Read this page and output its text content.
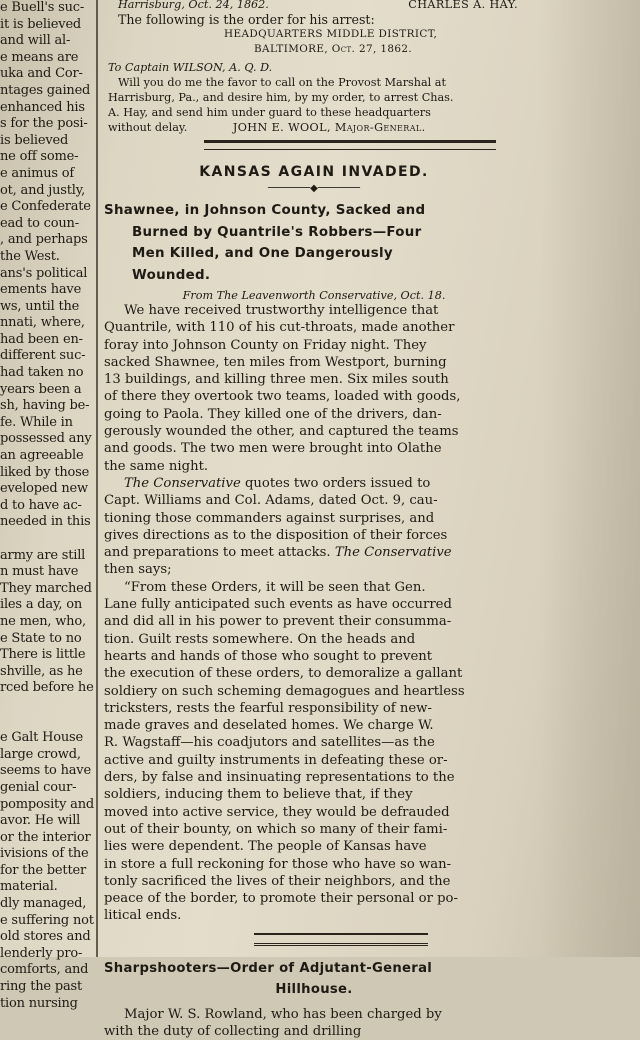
e Buell's suc-
it is believed
and will al-
e means are
uka and Cor-
ntages gained
enhanced his
s for the posi-
is believed
ne off some-
e animus of
ot, and justly,
e Confederate
ead to coun-
, and perhaps
the West.
ans's political
ements have
ws, until the
nnati, where,
had been en-
different suc-
had taken no
years been a
sh, having be-
fe. While in
possessed any
an agreeable
liked by those
eveloped new
d to have ac-
needed in this
army are still
n must have
They marched
iles a day, on
ne men, who,
e State to no
There is little
shville, as he
rced before he
e Galt House
large crowd,
seems to have
genial cour-
pomposity and
avor. He will
or the interior
ivisions of the
for the better
material.
dly managed,
e suffering not
old stores and
lenderly pro-
comforts, and
ring the past
tion nursing
Harrisburg, Oct. 24, 1862.	CHARLES A. HAY.
The following is the order for his arrest:
HEADQUARTERS MIDDLE DISTRICT,
BALTIMORE, Oct. 27, 1862.
To Captain WILSON, A. Q. D.
Will you do me the favor to call on the Provost Marshal at
Harrisburg, Pa., and desire him, by my order, to arrest Chas.
A. Hay, and send him under guard to these headquarters
without delay.	JOHN E. WOOL, Major-General.
KANSAS AGAIN INVADED.
───────◆───────
Shawnee, in Johnson County, Sacked and
Burned by Quantrile's Robbers—Four
Men Killed, and One Dangerously
Wounded.
From The Leavenworth Conservative, Oct. 18.
We have received trustworthy intelligence that
Quantrile, with 110 of his cut-throats, made another
foray into Johnson County on Friday night. They
sacked Shawnee, ten miles from Westport, burning
13 buildings, and killing three men. Six miles south
of there they overtook two teams, loaded with goods,
going to Paola. They killed one of the drivers, dan-
gerously wounded the other, and captured the teams
and goods. The two men were brought into Olathe
the same night.
The Conservative quotes two orders issued to
Capt. Williams and Col. Adams, dated Oct. 9, cau-
tioning those commanders against surprises, and
gives directions as to the disposition of their forces
and preparations to meet attacks. The Conservative
then says;
“From these Orders, it will be seen that Gen.
Lane fully anticipated such events as have occurred
and did all in his power to prevent their consumma-
tion. Guilt rests somewhere. On the heads and
hearts and hands of those who sought to prevent
the execution of these orders, to demoralize a gallant
soldiery on such scheming demagogues and heartless
tricksters, rests the fearful responsibility of new-
made graves and deselated homes. We charge W.
R. Wagstaff—his coadjutors and satellites—as the
active and guilty instruments in defeating these or-
ders, by false and insinuating representations to the
soldiers, inducing them to believe that, if they
moved into active service, they would be defrauded
out of their bounty, on which so many of their fami-
lies were dependent. The people of Kansas have
in store a full reckoning for those who have so wan-
tonly sacrificed the lives of their neighbors, and the
peace of the border, to promote their personal or po-
litical ends.
Sharpshooters—Order of Adjutant-General
Hillhouse.
Major W. S. Rowland, who has been charged by
with the duty of collecting and drilling
